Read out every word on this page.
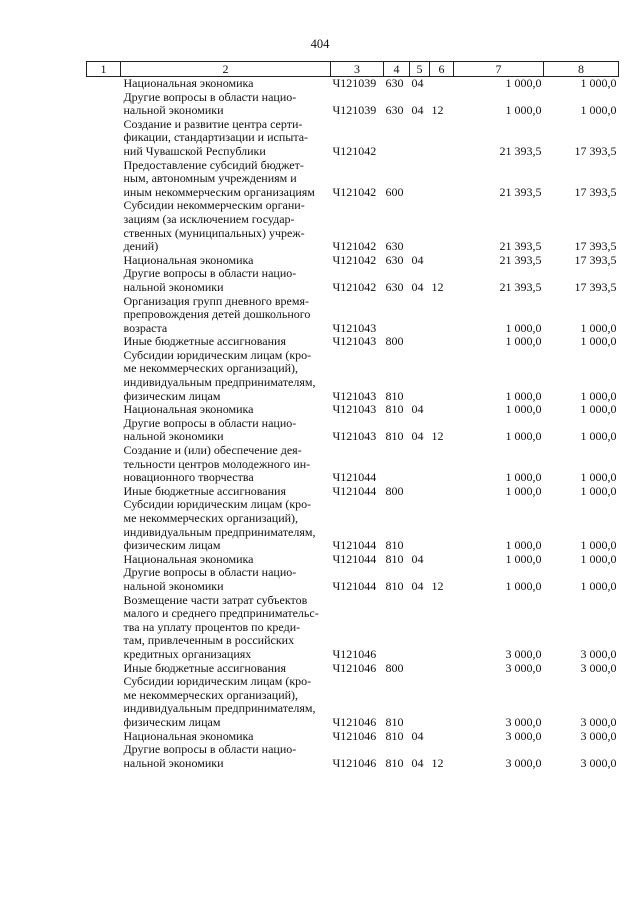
404
1	2	3	4	5	6	7	8

	Национальная экономика	Ч121039	630	04		1 000,0	1 000,0

	Другие вопросы в области нацио-
нальной экономики	Ч121039	630	04	12	1 000,0	1 000,0

	Создание и развитие центра серти-
фикации, стандартизации и испыта-
ний Чувашской Республики	Ч121042				21 393,5	17 393,5

	Предоставление субсидий бюджет-
ным, автономным учреждениям и
иным некоммерческим организациям	Ч121042	600			21 393,5	17 393,5

	Субсидии некоммерческим органи-
зациям (за исключением государ-
ственных (муниципальных) учреж-
дений)	Ч121042	630			21 393,5	17 393,5

	Национальная экономика	Ч121042	630	04		21 393,5	17 393,5

	Другие вопросы в области нацио-
нальной экономики	Ч121042	630	04	12	21 393,5	17 393,5

	Организация групп дневного время-
препровождения детей дошкольного
возраста	Ч121043				1 000,0	1 000,0

	Иные бюджетные ассигнования	Ч121043	800			1 000,0	1 000,0

	Субсидии юридическим лицам (кро-
ме некоммерческих организаций),
индивидуальным предпринимателям,
физическим лицам	Ч121043	810			1 000,0	1 000,0

	Национальная экономика	Ч121043	810	04		1 000,0	1 000,0

	Другие вопросы в области нацио-
нальной экономики	Ч121043	810	04	12	1 000,0	1 000,0

	Создание и (или) обеспечение дея-
тельности центров молодежного ин-
новационного творчества	Ч121044				1 000,0	1 000,0

	Иные бюджетные ассигнования	Ч121044	800			1 000,0	1 000,0

	Субсидии юридическим лицам (кро-
ме некоммерческих организаций),
индивидуальным предпринимателям,
физическим лицам	Ч121044	810			1 000,0	1 000,0

	Национальная экономика	Ч121044	810	04		1 000,0	1 000,0

	Другие вопросы в области нацио-
нальной экономики	Ч121044	810	04	12	1 000,0	1 000,0

	Возмещение части затрат субъектов
малого и среднего предпринимательс-
тва на уплату процентов по креди-
там, привлеченным в российских
кредитных организациях	Ч121046				3 000,0	3 000,0

	Иные бюджетные ассигнования	Ч121046	800			3 000,0	3 000,0

	Субсидии юридическим лицам (кро-
ме некоммерческих организаций),
индивидуальным предпринимателям,
физическим лицам	Ч121046	810			3 000,0	3 000,0

	Национальная экономика	Ч121046	810	04		3 000,0	3 000,0

	Другие вопросы в области нацио-
нальной экономики	Ч121046	810	04	12	3 000,0	3 000,0
